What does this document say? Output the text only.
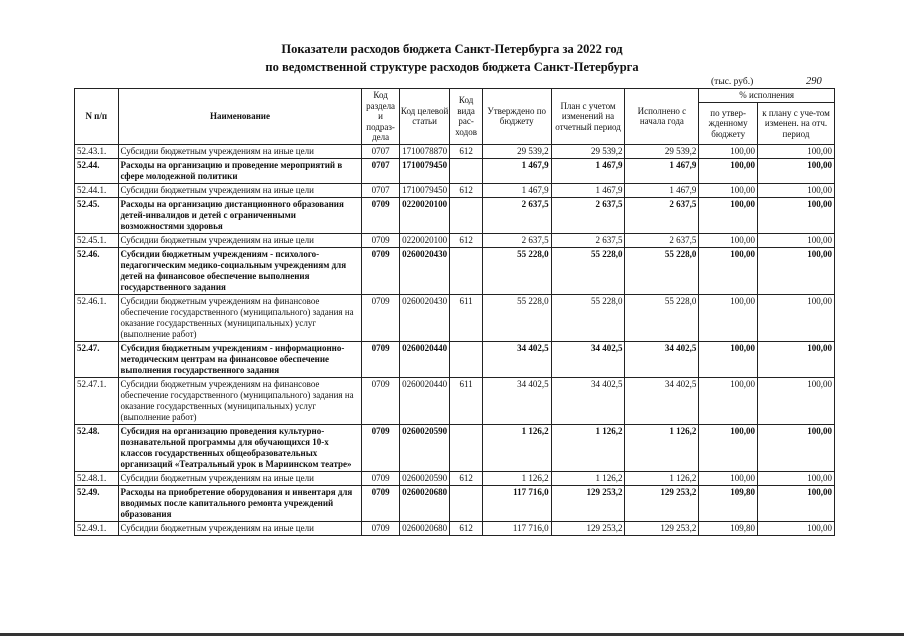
Показатели расходов бюджета Санкт-Петербурга за 2022 год
по ведомственной структуре расходов бюджета Санкт-Петербурга
(тыс. руб.)	290
N п/п	Наименование	Код раздела и подраз-дела	Код целевой статьи	Код вида рас-ходов	Утверждено по бюджету	План с учетом изменений на отчетный период	Исполнено с начала года	% исполнения	
								по утвер-жденному бюджету	к плану с уче-том изменен. на отч. период
52.43.1.	Субсидии бюджетным учреждениям на иные цели	0707	1710078870	612	29 539,2	29 539,2	29 539,2	100,00	100,00
52.44.	Расходы на организацию и проведение мероприятий в сфере молодежной политики	0707	1710079450		1 467,9	1 467,9	1 467,9	100,00	100,00
52.44.1.	Субсидии бюджетным учреждениям на иные цели	0707	1710079450	612	1 467,9	1 467,9	1 467,9	100,00	100,00
52.45.	Расходы на организацию дистанционного образования детей-инвалидов и детей с ограниченными возможностями здоровья	0709	0220020100		2 637,5	2 637,5	2 637,5	100,00	100,00
52.45.1.	Субсидии бюджетным учреждениям на иные цели	0709	0220020100	612	2 637,5	2 637,5	2 637,5	100,00	100,00
52.46.	Субсидии бюджетным учреждениям - психолого-педагогическим медико-социальным учреждениям для детей на финансовое обеспечение выполнения государственного задания	0709	0260020430		55 228,0	55 228,0	55 228,0	100,00	100,00
52.46.1.	Субсидии бюджетным учреждениям на финансовое обеспечение государственного (муниципального) задания на оказание государственных (муниципальных) услуг (выполнение работ)	0709	0260020430	611	55 228,0	55 228,0	55 228,0	100,00	100,00
52.47.	Субсидия бюджетным учреждениям - информационно-методическим центрам на финансовое обеспечение выполнения государственного задания	0709	0260020440		34 402,5	34 402,5	34 402,5	100,00	100,00
52.47.1.	Субсидии бюджетным учреждениям на финансовое обеспечение государственного (муниципального) задания на оказание государственных (муниципальных) услуг (выполнение работ)	0709	0260020440	611	34 402,5	34 402,5	34 402,5	100,00	100,00
52.48.	Субсидия на организацию проведения культурно-познавательной программы для обучающихся 10-х классов государственных общеобразовательных организаций «Театральный урок в Мариинском театре»	0709	0260020590		1 126,2	1 126,2	1 126,2	100,00	100,00
52.48.1.	Субсидии бюджетным учреждениям на иные цели	0709	0260020590	612	1 126,2	1 126,2	1 126,2	100,00	100,00
52.49.	Расходы на приобретение оборудования и инвентаря для вводимых после капитального ремонта учреждений образования	0709	0260020680		117 716,0	129 253,2	129 253,2	109,80	100,00
52.49.1.	Субсидии бюджетным учреждениям на иные цели	0709	0260020680	612	117 716,0	129 253,2	129 253,2	109,80	100,00
